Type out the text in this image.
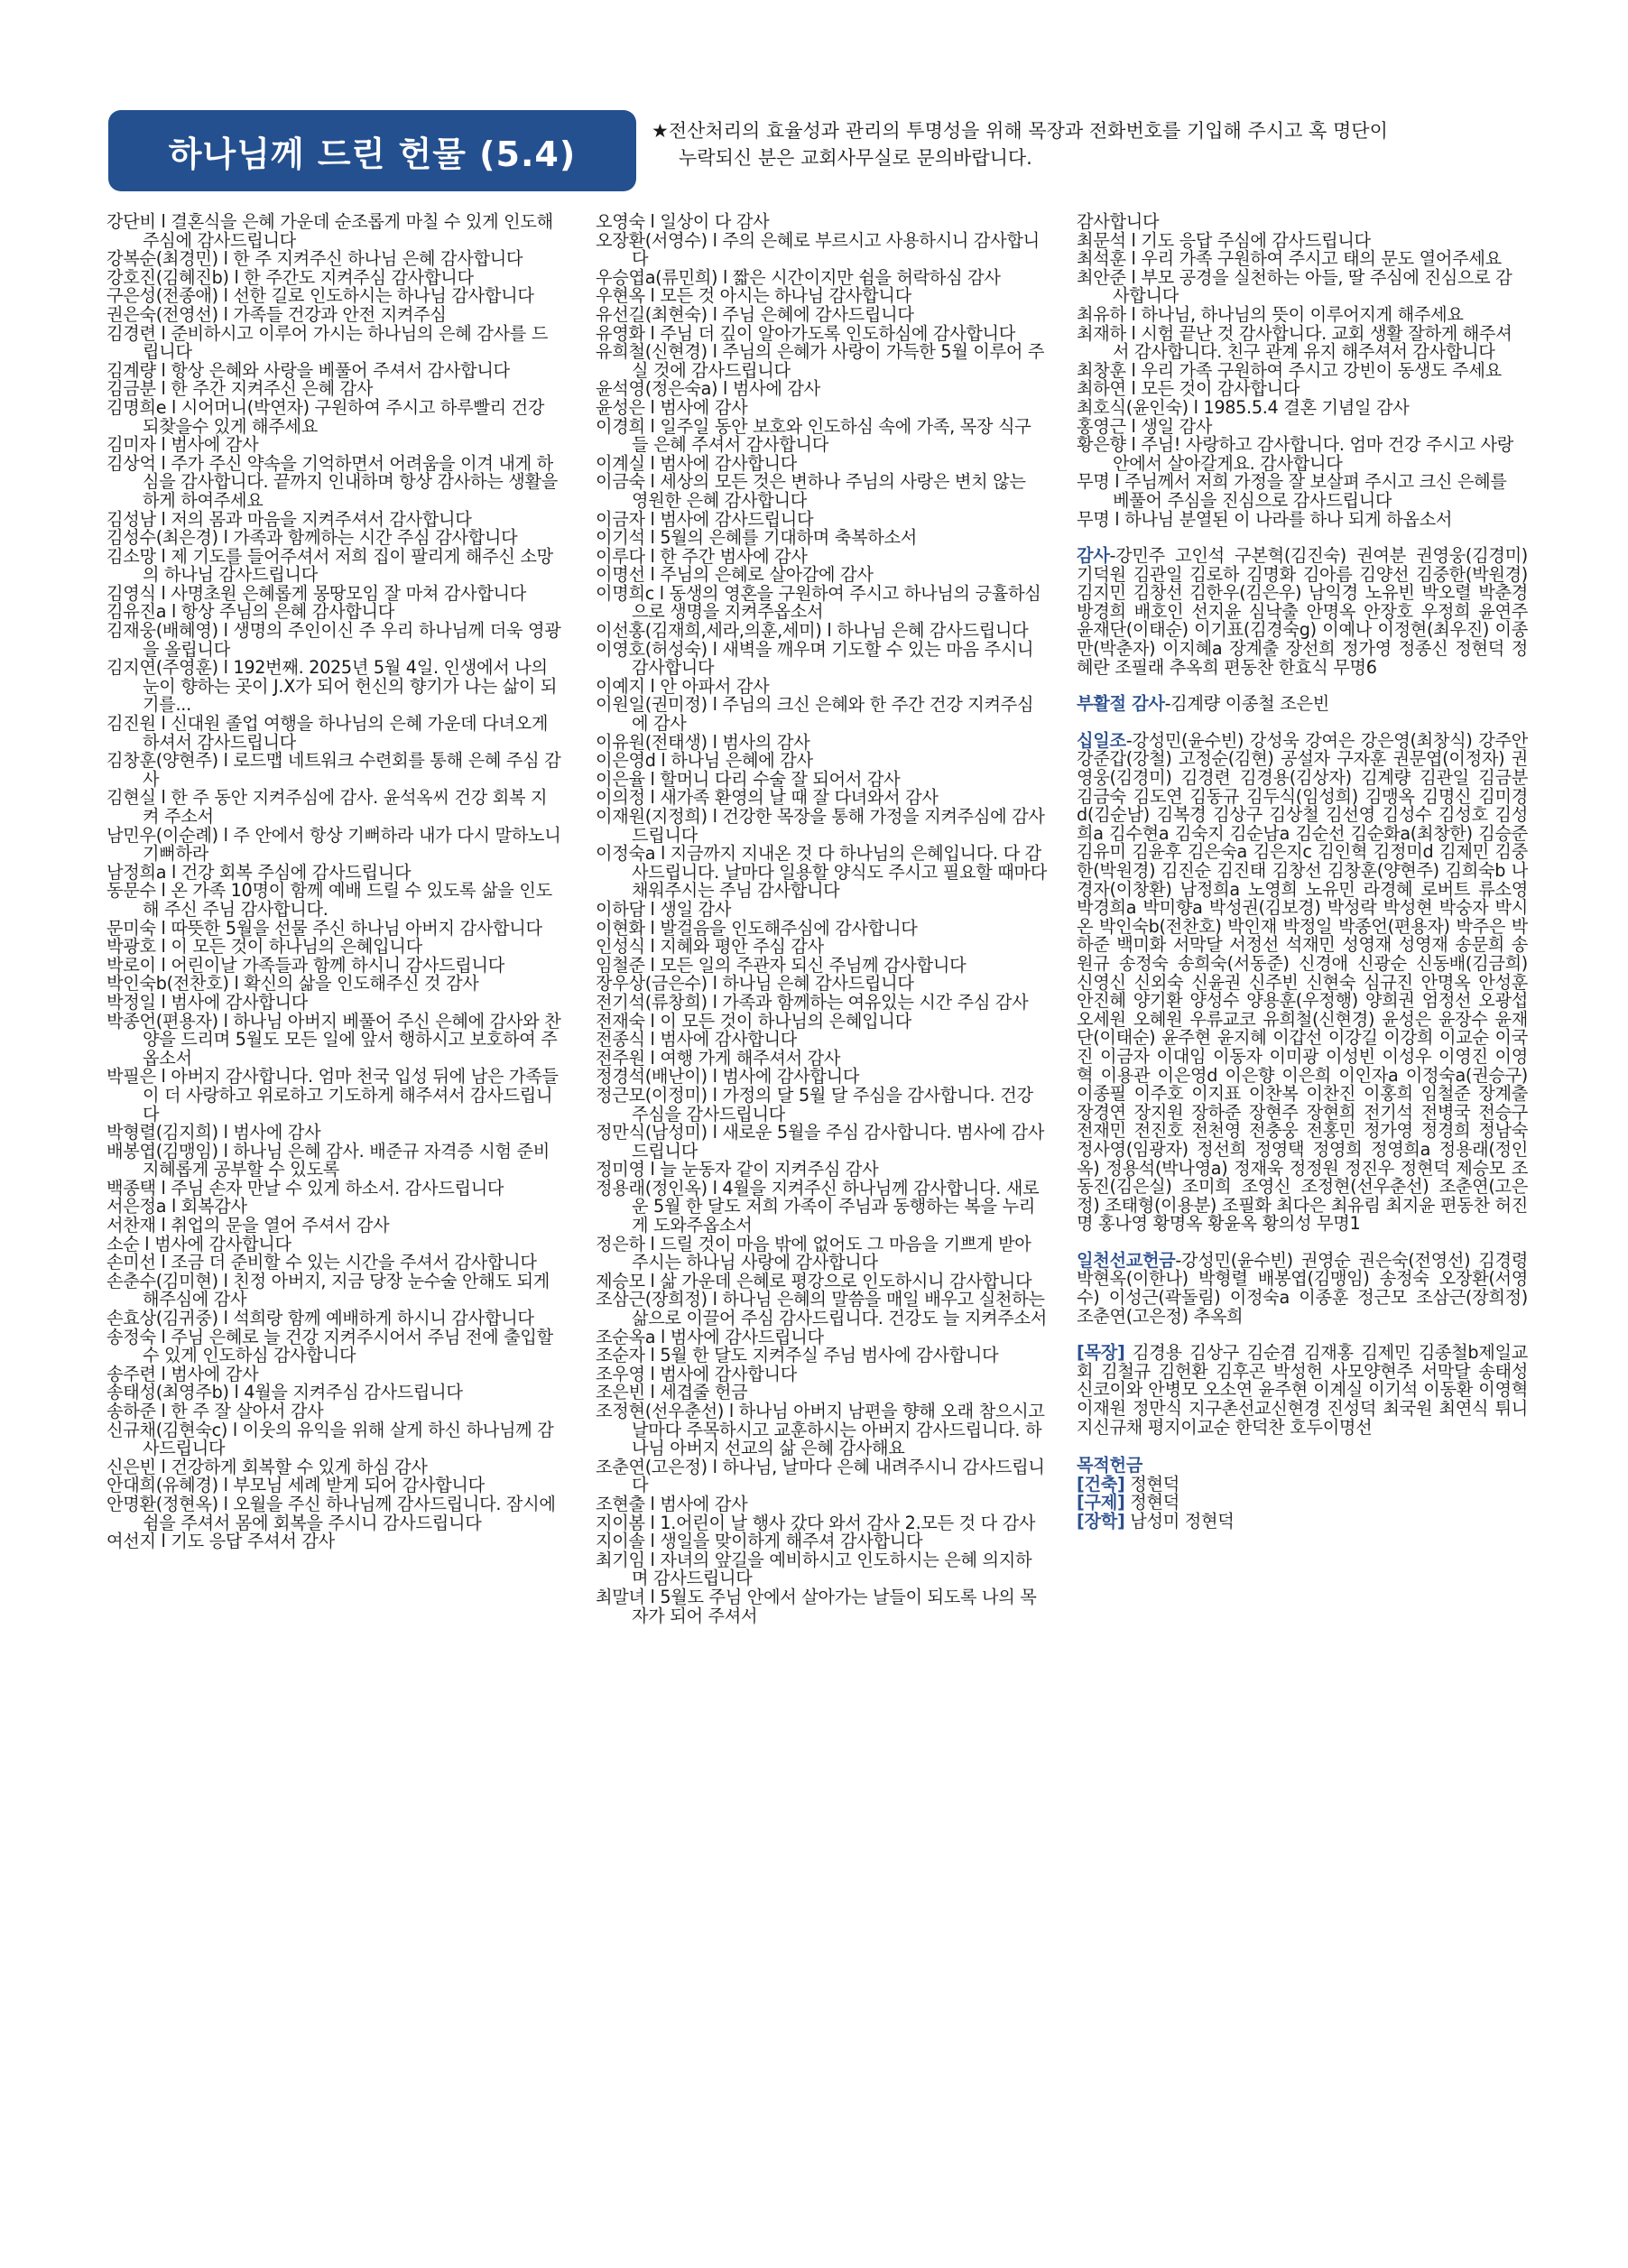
하나님께 드린 헌물 (5.4)
★전산처리의 효율성과 관리의 투명성을 위해 목장과 전화번호를 기입해 주시고 혹 명단이
누락되신 분은 교회사무실로 문의바랍니다.
강단비 l 결혼식을 은혜 가운데 순조롭게 마칠 수 있게 인도해 주심에 감사드립니다
강복순(최경민) l 한 주 지켜주신 하나님 은혜 감사합니다
강호진(김혜진b) l 한 주간도 지켜주심 감사합니다
구은성(전종애) l 선한 길로 인도하시는 하나님 감사합니다
권은숙(전영선) l 가족들 건강과 안전 지켜주심
김경련 l 준비하시고 이루어 가시는 하나님의 은혜 감사를 드립니다
김계량 l 항상 은혜와 사랑을 베풀어 주셔서 감사합니다
김금분 l 한 주간 지켜주신 은혜 감사
김명희e l 시어머니(박연자) 구원하여 주시고 하루빨리 건강 되찾을수 있게 해주세요
김미자 l 범사에 감사
김상억 l 주가 주신 약속을 기억하면서 어려움을 이겨 내게 하심을 감사합니다. 끝까지 인내하며 항상 감사하는 생활을 하게 하여주세요
김성남 l 저의 몸과 마음을 지켜주셔서 감사합니다
김성수(최은경) l 가족과 함께하는 시간 주심 감사합니다
김소망 l 제 기도를 들어주셔서 저희 집이 팔리게 해주신 소망의 하나님 감사드립니다
김영식 l 사명초원 은혜롭게 몽땅모임 잘 마쳐 감사합니다
김유진a l 항상 주님의 은혜 감사합니다
김재웅(배혜영) l 생명의 주인이신 주 우리 하나님께 더욱 영광을 올립니다
김지연(주영훈) l 192번째. 2025년 5월 4일. 인생에서 나의 눈이 향하는 곳이 J.X가 되어 헌신의 향기가 나는 삶이 되기를...
김진원 l 신대원 졸업 여행을 하나님의 은혜 가운데 다녀오게 하셔서 감사드립니다
김창훈(양현주) l 로드맵 네트워크 수련회를 통해 은혜 주심 감사
김현실 l 한 주 동안 지켜주심에 감사. 윤석옥씨 건강 회복 지켜 주소서
남민우(이순례) l 주 안에서 항상 기뻐하라 내가 다시 말하노니 기뻐하라
남정희a l 건강 회복 주심에 감사드립니다
동문수 l 온 가족 10명이 함께 예배 드릴 수 있도록 삶을 인도해 주신 주님 감사합니다.
문미숙 l 따뜻한 5월을 선물 주신 하나님 아버지 감사합니다
박광호 l 이 모든 것이 하나님의 은혜입니다
박로이 l 어린이날 가족들과 함께 하시니 감사드립니다
박인숙b(전찬호) l 확신의 삶을 인도해주신 것 감사
박정일 l 범사에 감사합니다
박종언(편용자) l 하나님 아버지 베풀어 주신 은혜에 감사와 찬양을 드리며 5월도 모든 일에 앞서 행하시고 보호하여 주옵소서
박필은 l 아버지 감사합니다. 엄마 천국 입성 뒤에 남은 가족들이 더 사랑하고 위로하고 기도하게 해주셔서 감사드립니다
박형렬(김지희) l 범사에 감사
배봉엽(김맹임) l 하나님 은혜 감사. 배준규 자격증 시험 준비 지혜롭게 공부할 수 있도록
백종택 l 주님 손자 만날 수 있게 하소서. 감사드립니다
서은정a l 회복감사
서찬재 l 취업의 문을 열어 주셔서 감사
소순 l 범사에 감사합니다
손미선 l 조금 더 준비할 수 있는 시간을 주셔서 감사합니다
손춘수(김미현) l 친정 아버지, 지금 당장 눈수술 안해도 되게 해주심에 감사
손효상(김귀중) l 석희랑 함께 예배하게 하시니 감사합니다
송정숙 l 주님 은혜로 늘 건강 지켜주시어서 주님 전에 출입할 수 있게 인도하심 감사합니다
송주련 l 범사에 감사
송태성(최영주b) l 4월을 지켜주심 감사드립니다
송하준 l 한 주 잘 살아서 감사
신규채(김현숙c) l 이웃의 유익을 위해 살게 하신 하나님께 감사드립니다
신은빈 l 건강하게 회복할 수 있게 하심 감사
안대희(유혜경) l 부모님 세례 받게 되어 감사합니다
안명환(정현옥) l 오월을 주신 하나님께 감사드립니다. 잠시에 쉼을 주셔서 몸에 회복을 주시니 감사드립니다
여선지 l 기도 응답 주셔서 감사
오영숙 l 일상이 다 감사
오장환(서영수) l 주의 은혜로 부르시고 사용하시니 감사합니다
우승엽a(류민희) l 짧은 시간이지만 쉼을 허락하심 감사
우현옥 l 모든 것 아시는 하나님 감사합니다
유선길(최현숙) l 주님 은혜에 감사드립니다
유영화 l 주님 더 깊이 알아가도록 인도하심에 감사합니다
유희철(신현경) l 주님의 은혜가 사랑이 가득한 5월 이루어 주실 것에 감사드립니다
윤석영(정은숙a) l 범사에 감사
윤성은 l 범사에 감사
이경희 l 일주일 동안 보호와 인도하심 속에 가족, 목장 식구들 은혜 주셔서 감사합니다
이계실 l 범사에 감사합니다
이금숙 l 세상의 모든 것은 변하나 주님의 사랑은 변치 않는 영원한 은혜 감사합니다
이금자 l 범사에 감사드립니다
이기석 l 5월의 은혜를 기대하며 축복하소서
이루다 l 한 주간 범사에 감사
이명선 l 주님의 은혜로 살아감에 감사
이명희c l 동생의 영혼을 구원하여 주시고 하나님의 긍휼하심으로 생명을 지켜주옵소서
이선홍(김재희,세라,의훈,세미) l 하나님 은혜 감사드립니다
이영호(허성숙) l 새벽을 깨우며 기도할 수 있는 마음 주시니 감사합니다
이예지 l 안 아파서 감사
이원일(권미정) l 주님의 크신 은혜와 한 주간 건강 지켜주심에 감사
이유원(전태생) l 범사의 감사
이은영d l 하나님 은혜에 감사
이은율 l 할머니 다리 수술 잘 되어서 감사
이의정 l 새가족 환영의 날 때 잘 다녀와서 감사
이재원(지정희) l 건강한 목장을 통해 가정을 지켜주심에 감사드립니다
이정숙a l 지금까지 지내온 것 다 하나님의 은혜입니다. 다 감사드립니다. 날마다 일용할 양식도 주시고 필요할 때마다 채워주시는 주님 감사합니다
이하담 l 생일 감사
이현화 l 발걸음을 인도해주심에 감사합니다
인성식 l 지혜와 평안 주심 감사
임철준 l 모든 일의 주관자 되신 주님께 감사합니다
장우상(금은수) l 하나님 은혜 감사드립니다
전기석(류창희) l 가족과 함께하는 여유있는 시간 주심 감사
전재숙 l 이 모든 것이 하나님의 은혜입니다
전종식 l 범사에 감사합니다
전주원 l 여행 가게 해주셔서 감사
정경석(배난이) l 범사에 감사합니다
정근모(이정미) l 가정의 달 5월 달 주심을 감사합니다. 건강 주심을 감사드립니다
정만식(남성미) l 새로운 5월을 주심 감사합니다. 범사에 감사드립니다
정미영 l 늘 눈동자 같이 지켜주심 감사
정용래(정인옥) l 4월을 지켜주신 하나님께 감사합니다. 새로운 5월 한 달도 저희 가족이 주님과 동행하는 복을 누리게 도와주옵소서
정은하 l 드릴 것이 마음 밖에 없어도 그 마음을 기쁘게 받아 주시는 하나님 사랑에 감사합니다
제승모 l 삶 가운데 은혜로 평강으로 인도하시니 감사합니다
조삼근(장희정) l 하나님 은혜의 말씀을 매일 배우고 실천하는 삶으로 이끌어 주심 감사드립니다. 건강도 늘 지켜주소서
조순옥a l 범사에 감사드립니다
조순자 l 5월 한 달도 지켜주실 주님 범사에 감사합니다
조우영 l 범사에 감사합니다
조은빈 l 세겹줄 헌금
조정현(선우춘선) l 하나님 아버지 남편을 향해 오래 참으시고 날마다 주목하시고 교훈하시는 아버지 감사드립니다. 하나님 아버지 선교의 삶 은혜 감사해요
조춘연(고은정) l 하나님, 날마다 은혜 내려주시니 감사드립니다
조현출 l 범사에 감사
지이봄 l 1.어린이 날 행사 갔다 와서 감사 2.모든 것 다 감사
지이솔 l 생일을 맞이하게 해주셔 감사합니다
최기임 l 자녀의 앞길을 예비하시고 인도하시는 은혜 의지하며 감사드립니다
최말녀 l 5월도 주님 안에서 살아가는 날들이 되도록 나의 목자가 되어 주셔서
감사합니다
최문석 l 기도 응답 주심에 감사드립니다
최석훈 l 우리 가족 구원하여 주시고 태의 문도 열어주세요
최안준 l 부모 공경을 실천하는 아들, 딸 주심에 진심으로 감사합니다
최유하 l 하나님, 하나님의 뜻이 이루어지게 해주세요
최재하 l 시험 끝난 것 감사합니다. 교회 생활 잘하게 해주셔서 감사합니다. 친구 관계 유지 해주셔서 감사합니다
최창훈 l 우리 가족 구원하여 주시고 강빈이 동생도 주세요
최하연 l 모든 것이 감사합니다
최호식(윤인숙) l 1985.5.4 결혼 기념일 감사
홍영근 l 생일 감사
황은향 l 주님! 사랑하고 감사합니다. 엄마 건강 주시고 사랑 안에서 살아갈게요. 감사합니다
무명 l 주님께서 저희 가정을 잘 보살펴 주시고 크신 은혜를 베풀어 주심을 진심으로 감사드립니다
무명 l 하나님 분열된 이 나라를 하나 되게 하옵소서
감사-강민주 고인석 구본혁(김진숙) 권여분 권영웅(김경미) 기덕원 김관일 김로하 김명화 김아름 김양선 김중한(박원경) 김지민 김창선 김한우(김은우) 남익경 노유빈 박오렬 박춘경 방경희 배호인 선지윤 심낙출 안명옥 안장호 우정희 윤연주 윤재단(이태순) 이기표(김경숙g) 이예나 이정현(최우진) 이종만(박춘자) 이지혜a 장계출 장선희 정가영 정종신 정현덕 정혜란 조필래 추옥희 편동찬 한효식 무명6
부활절 감사-김계량 이종철 조은빈
십일조-강성민(윤수빈) 강성욱 강여은 강은영(최창식) 강주안 강준갑(강철) 고정순(김현) 공설자 구자훈 권문엽(이정자) 권영웅(김경미) 김경련 김경용(김상자) 김계량 김관일 김금분 김금숙 김도연 김동규 김두식(임성희) 김맹옥 김명신 김미경d(김순남) 김복경 김상구 김상철 김선영 김성수 김성호 김성희a 김수현a 김숙지 김순남a 김순선 김순화a(최창한) 김승준 김유미 김윤후 김은숙a 김은지c 김인혁 김정미d 김제민 김중한(박원경) 김진순 김진태 김창선 김창훈(양현주) 김희숙b 나경자(이창환) 남정희a 노영희 노유민 라경혜 로버트 류소영 박경희a 박미향a 박성권(김보경) 박성락 박성현 박숭자 박시온 박인숙b(전찬호) 박인재 박정일 박종언(편용자) 박주은 박하준 백미화 서막달 서정선 석재민 성영재 성영재 송문희 송원규 송정숙 송희숙(서동준) 신경애 신광순 신동배(김금희) 신영신 신외숙 신윤권 신주빈 신현숙 심규진 안명옥 안성훈 안진혜 양기환 양성수 양용훈(우정행) 양희권 엄정선 오광섭 오세원 오혜원 우류교코 유희철(신현경) 윤성은 윤장수 윤재단(이태순) 윤주현 윤지혜 이갑선 이강길 이강희 이교순 이국진 이금자 이대임 이동자 이미광 이성빈 이성우 이영진 이영혁 이용관 이은영d 이은향 이은희 이인자a 이정숙a(권승구) 이종필 이주호 이지표 이찬복 이찬진 이홍희 임철준 장계출 장경연 장지원 장하준 장현주 장현희 전기석 전병국 전승구 전재민 전진호 전천영 전충웅 전홍민 정가영 정경희 정남숙 정사영(임광자) 정선희 정영택 정영희 정영희a 정용래(정인옥) 정용석(박나영a) 정재욱 정정원 정진우 정현덕 제승모 조동진(김은실) 조미희 조영신 조정현(선우춘선) 조춘연(고은정) 조태형(이용분) 조필화 최다은 최유림 최지윤 편동찬 허진명 홍나영 황명옥 황윤옥 황의성 무명1
일천선교헌금-강성민(윤수빈) 권영순 권은숙(전영선) 김경령 박현옥(이한나) 박형렬 배봉엽(김맹임) 송정숙 오장환(서영수) 이성근(곽돌림) 이정숙a 이종훈 정근모 조삼근(장희정) 조춘연(고은정) 추옥희
[목장] 김경용 김상구 김순겸 김재홍 김제민 김종철b제일교회 김철규 김헌환 김후곤 박성헌 사모양현주 서막달 송태성 신코이와 안병모 오소연 윤주현 이계실 이기석 이동환 이영혁 이재원 정만식 지구촌선교신현경 진성덕 최국원 최연식 튀니지신규채 평지이교순 한덕찬 호두이명선
목적헌금
[건축] 정현덕
[구제] 정현덕
[장학] 남성미 정현덕
